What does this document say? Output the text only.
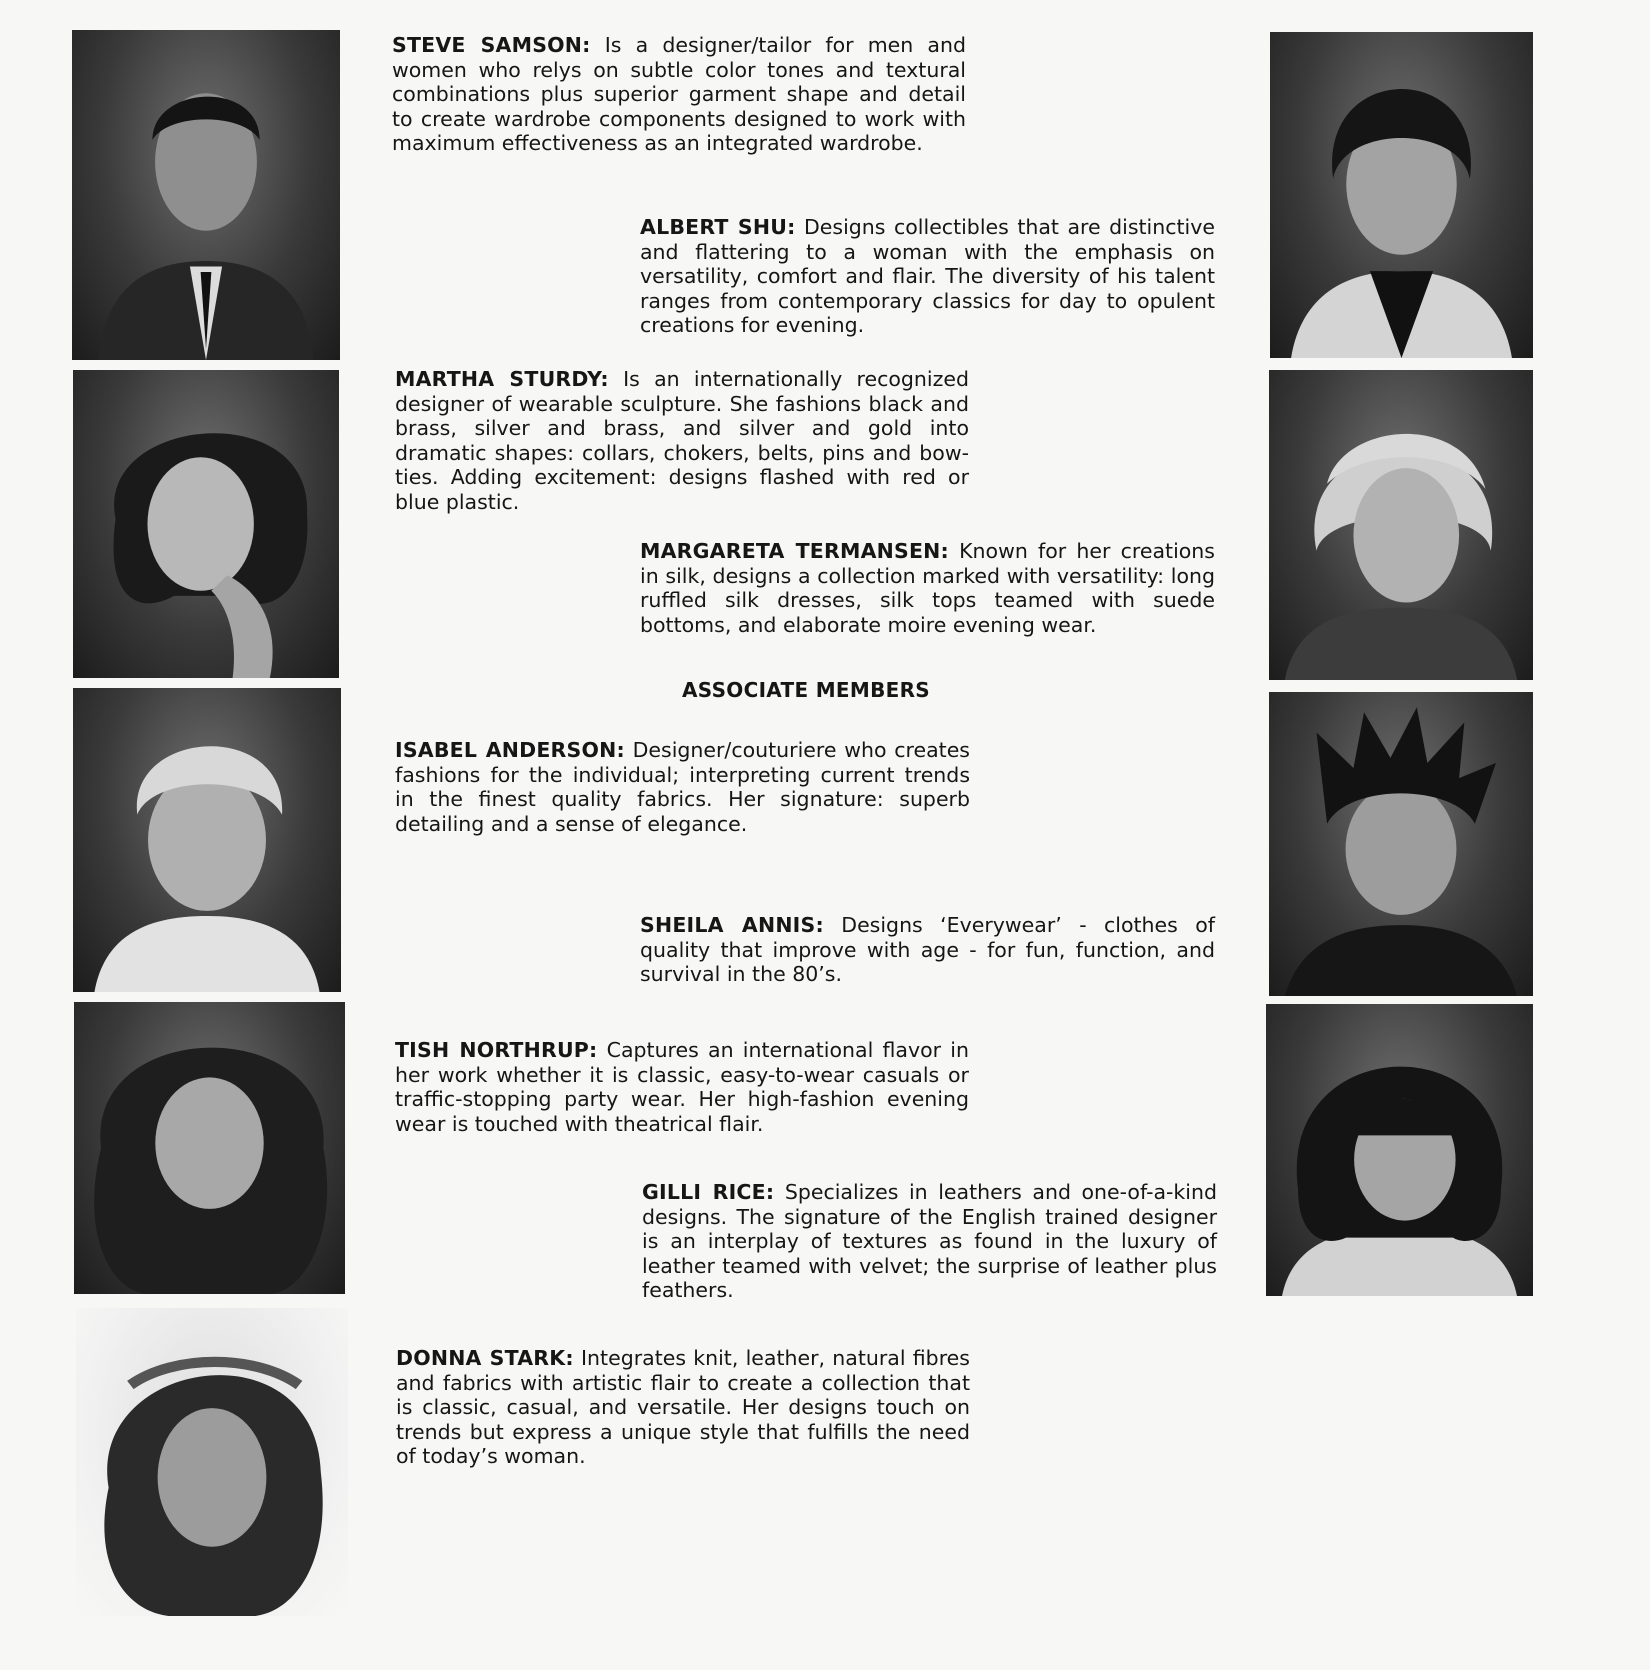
STEVE SAMSON: Is a designer/tailor for men and women who relys on subtle color tones and textural combinations plus superior garment shape and detail to create wardrobe components designed to work with maximum effectiveness as an integrated wardrobe.

ALBERT SHU: Designs collectibles that are distinctive and flattering to a woman with the emphasis on versatility, comfort and flair. The diversity of his talent ranges from contemporary classics for day to opulent creations for evening.

MARTHA STURDY: Is an internationally recognized designer of wearable sculpture. She fashions black and brass, silver and brass, and silver and gold into dramatic shapes: collars, chokers, belts, pins and bow-ties. Adding excitement: designs flashed with red or blue plastic.

MARGARETA TERMANSEN: Known for her creations in silk, designs a collection marked with versatility: long ruffled silk dresses, silk tops teamed with suede bottoms, and elaborate moire evening wear.

ASSOCIATE MEMBERS

ISABEL ANDERSON: Designer/couturiere who creates fashions for the individual; interpreting current trends in the finest quality fabrics. Her signature: superb detailing and a sense of elegance.

SHEILA ANNIS: Designs ‘Everywear’ - clothes of quality that improve with age - for fun, function, and survival in the 80’s.

TISH NORTHRUP: Captures an international flavor in her work whether it is classic, easy-to-wear casuals or traffic-stopping party wear. Her high-fashion evening wear is touched with theatrical flair.

GILLI RICE: Specializes in leathers and one-of-a-kind designs. The signature of the English trained designer is an interplay of textures as found in the luxury of leather teamed with velvet; the surprise of leather plus feathers.

DONNA STARK: Integrates knit, leather, natural fibres and fabrics with artistic flair to create a collection that is classic, casual, and versatile. Her designs touch on trends but express a unique style that fulfills the need of today’s woman.
